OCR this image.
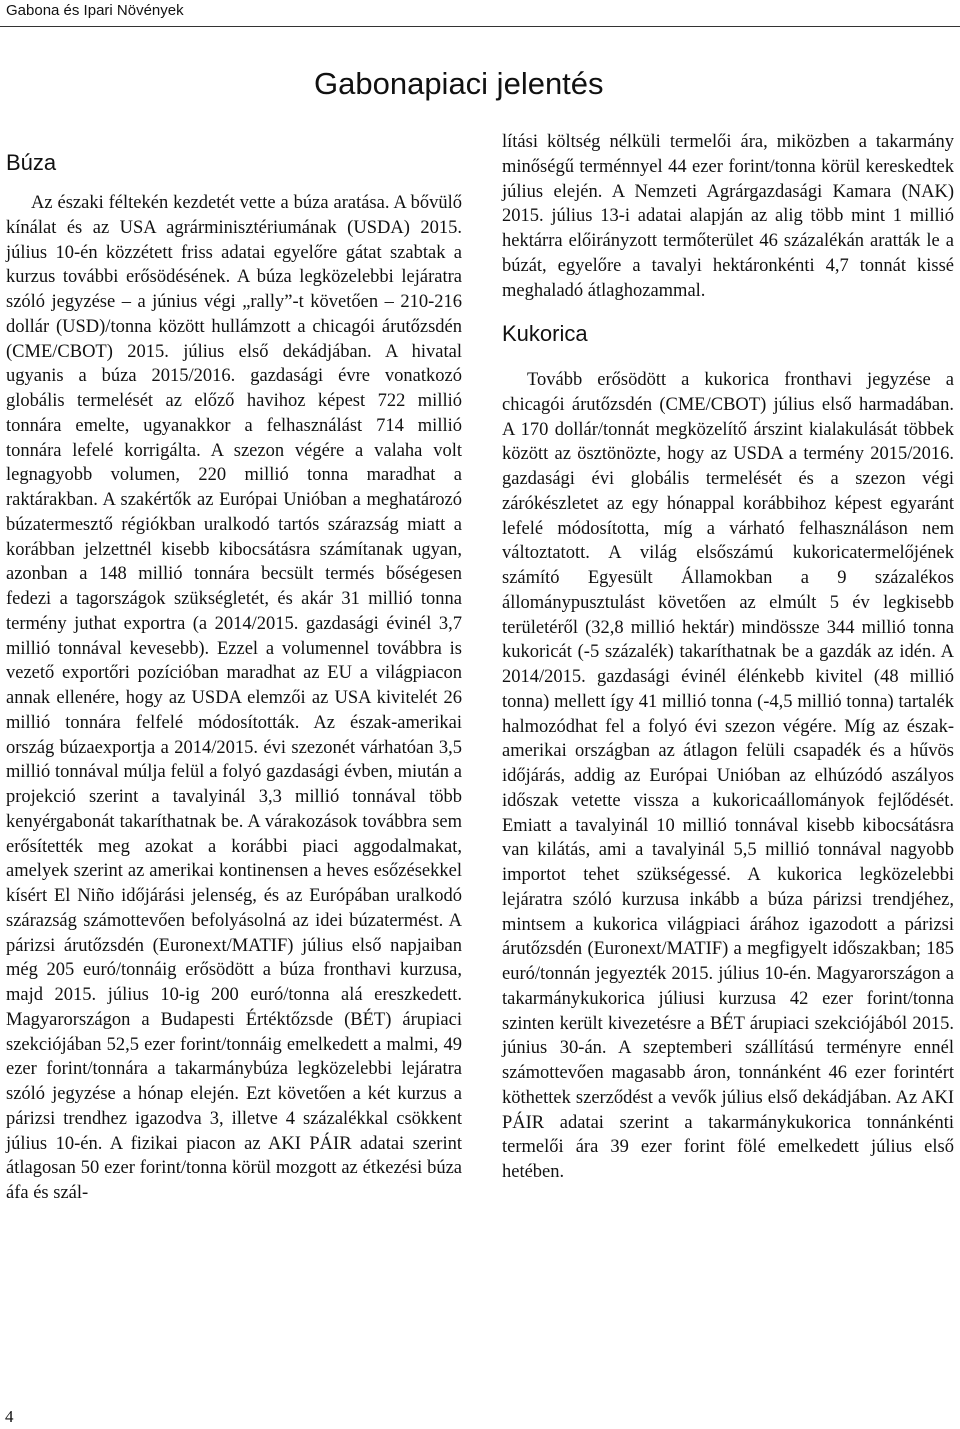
Gabona és Ipari Növények
Gabonapiaci jelentés
Búza

Az északi féltekén kezdetét vette a búza aratása. A bővülő kínálat és az USA agrárminisztériumának (USDA) 2015. július 10-én közzétett friss adatai egyelőre gátat szabtak a kurzus további erősödésének. A búza legközelebbi lejáratra szóló jegyzése – a június végi „rally”-t követően – 210-216 dollár (USD)/tonna között hullámzott a chicagói árutőzsdén (CME/CBOT) 2015. július első dekádjában. A hivatal ugyanis a búza 2015/2016. gazdasági évre vonatkozó globális termelését az előző havihoz képest 722 millió tonnára emelte, ugyanakkor a felhasználást 714 millió tonnára lefelé korrigálta. A szezon végére a valaha volt legnagyobb volumen, 220 millió tonna maradhat a raktárakban. A szakértők az Európai Unióban a meghatározó búzatermesztő régiókban uralkodó tartós szárazság miatt a korábban jelzettnél kisebb kibocsátásra számítanak ugyan, azonban a 148 millió tonnára becsült termés bőségesen fedezi a tagországok szükségletét, és akár 31 millió tonna termény juthat exportra (a 2014/2015. gazdasági évinél 3,7 millió tonnával kevesebb). Ezzel a volumennel továbbra is vezető exportőri pozícióban maradhat az EU a világpiacon annak ellenére, hogy az USDA elemzői az USA kivitelét 26 millió tonnára felfelé módosították. Az észak-amerikai ország búzaexportja a 2014/2015. évi szezonét várhatóan 3,5 millió tonnával múlja felül a folyó gazdasági évben, miután a projekció szerint a tavalyinál 3,3 millió tonnával több kenyérgabonát takaríthatnak be. A várakozások továbbra sem erősítették meg azokat a korábbi piaci aggodalmakat, amelyek szerint az amerikai kontinensen a heves esőzésekkel kísért El Niño időjárási jelenség, és az Európában uralkodó szárazság számottevően befolyásolná az idei búzatermést. A párizsi árutőzsdén (Euronext/MATIF) július első napjaiban még 205 euró/tonnáig erősödött a búza fronthavi kurzusa, majd 2015. július 10-ig 200 euró/tonna alá ereszkedett. Magyarországon a Budapesti Értéktőzsde (BÉT) árupiaci szekciójában 52,5 ezer forint/tonnáig emelkedett a malmi, 49 ezer forint/tonnára a takarmánybúza legközelebbi lejáratra szóló jegyzése a hónap elején. Ezt követően a két kurzus a párizsi trendhez igazodva 3, illetve 4 százalékkal csökkent július 10-én. A fizikai piacon az AKI PÁIR adatai szerint átlagosan 50 ezer forint/tonna körül mozgott az étkezési búza áfa és szál-

lítási költség nélküli termelői ára, miközben a takarmány minőségű terménnyel 44 ezer forint/tonna körül kereskedtek július elején. A Nemzeti Agrárgazdasági Kamara (NAK) 2015. július 13-i adatai alapján az alig több mint 1 millió hektárra előirányzott termőterület 46 százalékán aratták le a búzát, egyelőre a tavalyi hektáronkénti 4,7 tonnát kissé meghaladó átlaghozammal.

Kukorica

Tovább erősödött a kukorica fronthavi jegyzése a chicagói árutőzsdén (CME/CBOT) július első harmadában. A 170 dollár/tonnát megközelítő árszint kialakulását többek között az ösztönözte, hogy az USDA a termény 2015/2016. gazdasági évi globális termelését és a szezon végi zárókészletet az egy hónappal korábbihoz képest egyaránt lefelé módosította, míg a várható felhasználáson nem változtatott. A világ elsőszámú kukoricatermelőjének számító Egyesült Államokban a 9 százalékos állománypusztulást követően az elmúlt 5 év legkisebb területéről (32,8 millió hektár) mindössze 344 millió tonna kukoricát (-5 százalék) takaríthatnak be a gazdák az idén. A 2014/2015. gazdasági évinél élénkebb kivitel (48 millió tonna) mellett így 41 millió tonna (-4,5 millió tonna) tartalék halmozódhat fel a folyó évi szezon végére. Míg az észak-amerikai országban az átlagon felüli csapadék és a hűvös időjárás, addig az Európai Unióban az elhúzódó aszályos időszak vetette vissza a kukoricaállományok fejlődését. Emiatt a tavalyinál 10 millió tonnával kisebb kibocsátásra van kilátás, ami a tavalyinál 5,5 millió tonnával nagyobb importot tehet szükségessé. A kukorica legközelebbi lejáratra szóló kurzusa inkább a búza párizsi trendjéhez, mintsem a kukorica világpiaci árához igazodott a párizsi árutőzsdén (Euronext/MATIF) a megfigyelt időszakban; 185 euró/tonnán jegyezték 2015. július 10-én. Magyarországon a takarmánykukorica júliusi kurzusa 42 ezer forint/tonna szinten került kivezetésre a BÉT árupiaci szekciójából 2015. június 30-án. A szeptemberi szállítású terményre ennél számottevően magasabb áron, tonnánként 46 ezer forintért köthettek szerződést a vevők július első dekádjában. Az AKI PÁIR adatai szerint a takarmánykukorica tonnánkénti termelői ára 39 ezer forint fölé emelkedett július első hetében.

4
